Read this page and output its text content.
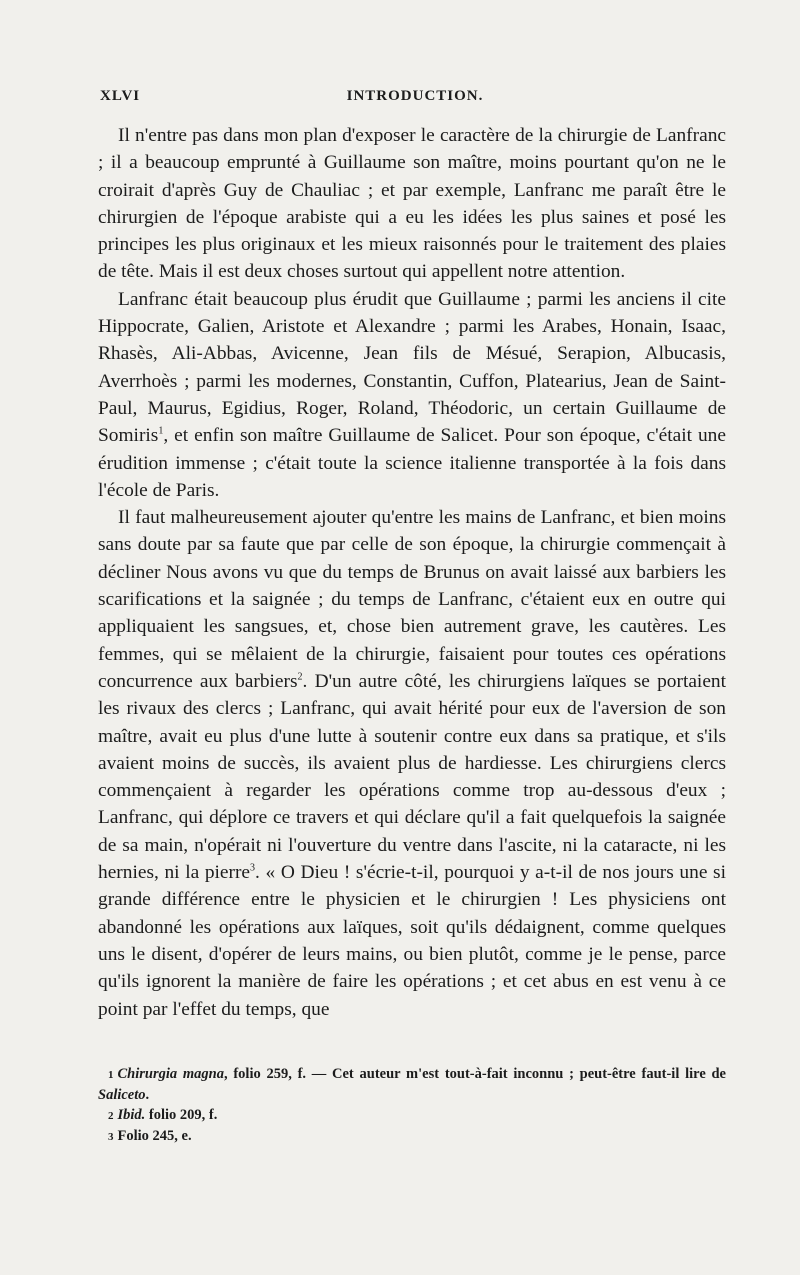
XLVI	INTRODUCTION.

Il n'entre pas dans mon plan d'exposer le caractère de la chirurgie de Lanfranc ; il a beaucoup emprunté à Guillaume son maître, moins pourtant qu'on ne le croirait d'après Guy de Chauliac ; et par exemple, Lanfranc me paraît être le chirurgien de l'époque arabiste qui a eu les idées les plus saines et posé les principes les plus originaux et les mieux raisonnés pour le traitement des plaies de tête. Mais il est deux choses surtout qui appellent notre attention.

Lanfranc était beaucoup plus érudit que Guillaume ; parmi les anciens il cite Hippocrate, Galien, Aristote et Alexandre ; parmi les Arabes, Honain, Isaac, Rhasès, Ali-Abbas, Avicenne, Jean fils de Mésué, Serapion, Albucasis, Averrhoès ; parmi les modernes, Constantin, Cuffon, Platearius, Jean de Saint-Paul, Maurus, Egidius, Roger, Roland, Théodoric, un certain Guillaume de Somiris$^1$, et enfin son maître Guillaume de Salicet. Pour son époque, c'était une érudition immense ; c'était toute la science italienne transportée à la fois dans l'école de Paris.

Il faut malheureusement ajouter qu'entre les mains de Lanfranc, et bien moins sans doute par sa faute que par celle de son époque, la chirurgie commençait à décliner Nous avons vu que du temps de Brunus on avait laissé aux barbiers les scarifications et la saignée ; du temps de Lanfranc, c'étaient eux en outre qui appliquaient les sangsues, et, chose bien autrement grave, les cautères. Les femmes, qui se mêlaient de la chirurgie, faisaient pour toutes ces opérations concurrence aux barbiers$^2$. D'un autre côté, les chirurgiens laïques se portaient les rivaux des clercs ; Lanfranc, qui avait hérité pour eux de l'aversion de son maître, avait eu plus d'une lutte à soutenir contre eux dans sa pratique, et s'ils avaient moins de succès, ils avaient plus de hardiesse. Les chirurgiens clercs commençaient à regarder les opérations comme trop au-dessous d'eux ; Lanfranc, qui déplore ce travers et qui déclare qu'il a fait quelquefois la saignée de sa main, n'opérait ni l'ouverture du ventre dans l'ascite, ni la cataracte, ni les hernies, ni la pierre$^3$. « O Dieu ! s'écrie-t-il, pourquoi y a-t-il de nos jours une si grande différence entre le physicien et le chirurgien ! Les physiciens ont abandonné les opérations aux laïques, soit qu'ils dédaignent, comme quelques uns le disent, d'opérer de leurs mains, ou bien plutôt, comme je le pense, parce qu'ils ignorent la manière de faire les opérations ; et cet abus en est venu à ce point par l'effet du temps, que

1 Chirurgia magna, folio 259, f. — Cet auteur m'est tout-à-fait inconnu ; peut-être faut-il lire de Saliceto.

2 Ibid. folio 209, f.

3 Folio 245, e.
